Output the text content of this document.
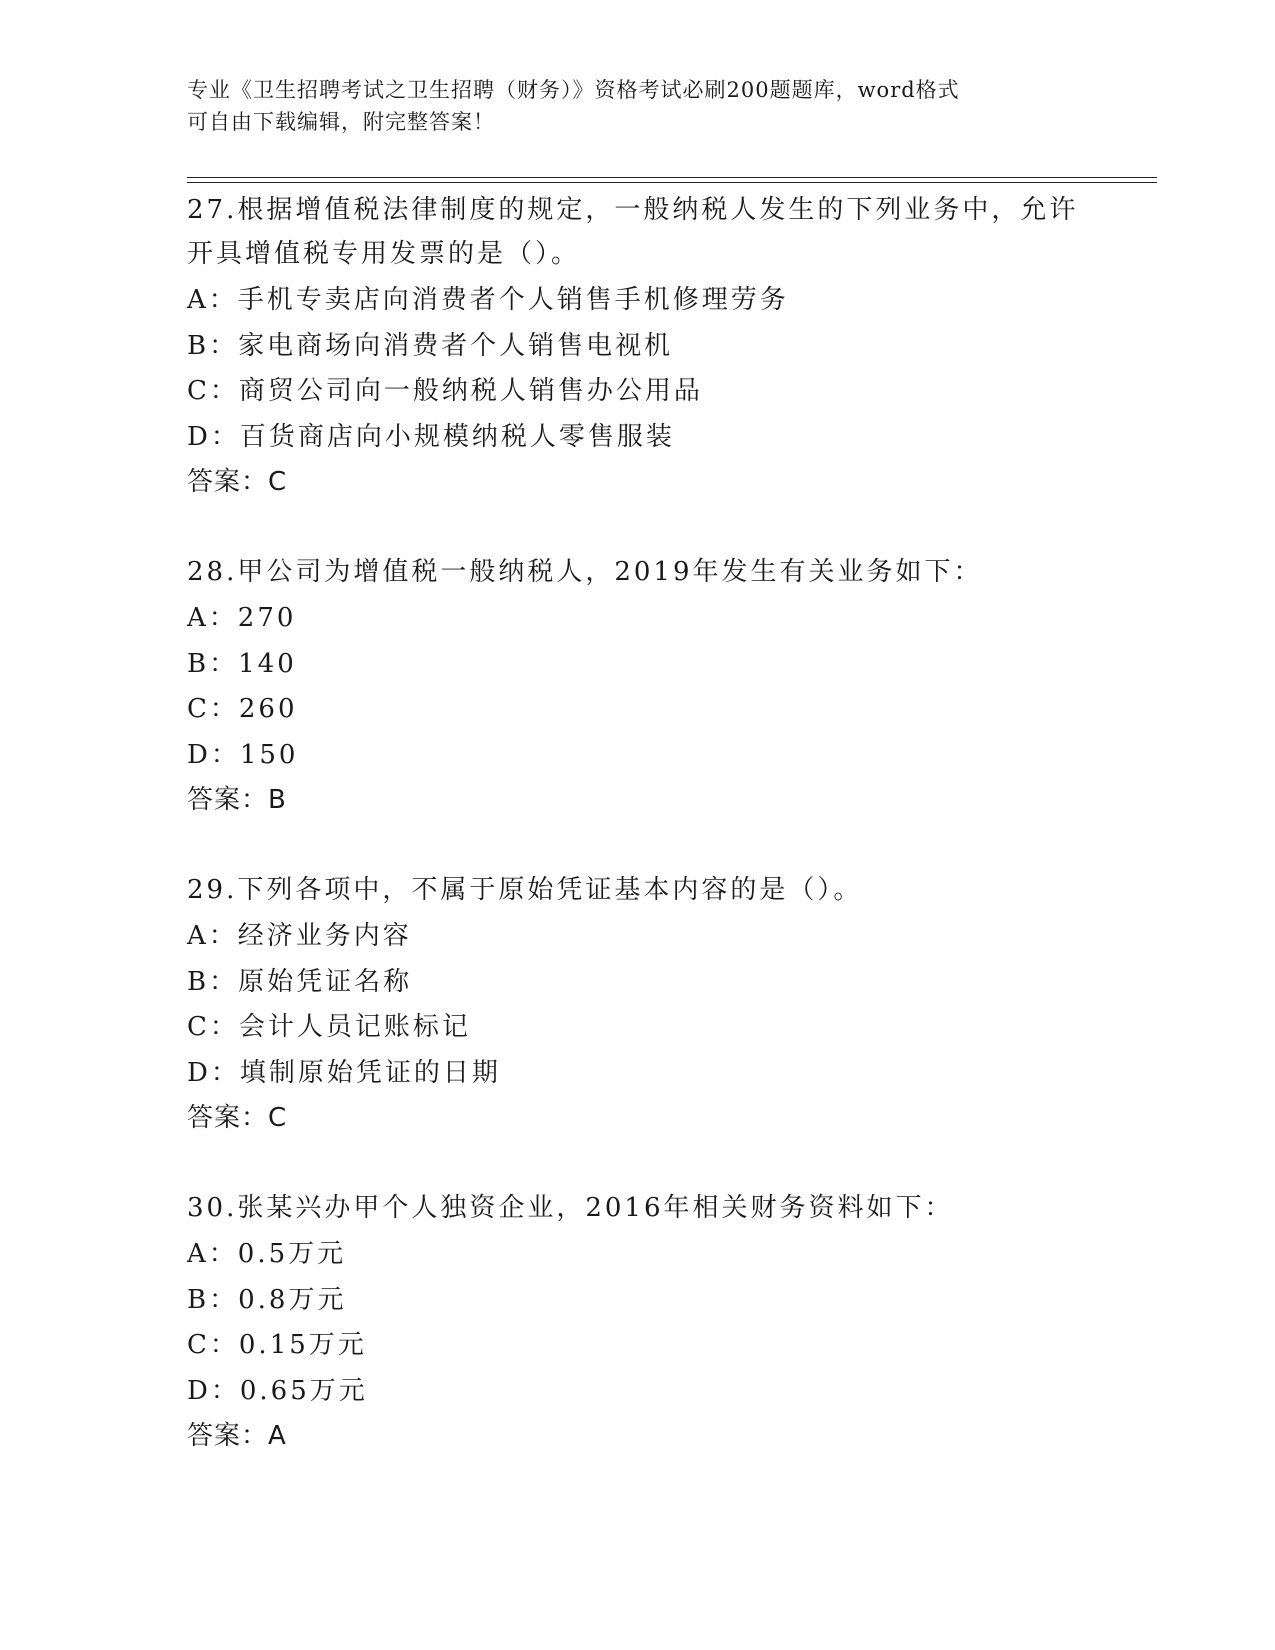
专业《卫生招聘考试之卫生招聘（财务）》资格考试必刷200题题库，word格式
可自由下载编辑，附完整答案！
27.根据增值税法律制度的规定，一般纳税人发生的下列业务中，允许
开具增值税专用发票的是（）。
A：手机专卖店向消费者个人销售手机修理劳务
B：家电商场向消费者个人销售电视机
C：商贸公司向一般纳税人销售办公用品
D：百货商店向小规模纳税人零售服装
答案：C
28.甲公司为增值税一般纳税人，2019年发生有关业务如下：
A：270
B：140
C：260
D：150
答案：B
29.下列各项中，不属于原始凭证基本内容的是（）。
A：经济业务内容
B：原始凭证名称
C：会计人员记账标记
D：填制原始凭证的日期
答案：C
30.张某兴办甲个人独资企业，2016年相关财务资料如下：
A：0.5万元
B：0.8万元
C：0.15万元
D：0.65万元
答案：A
